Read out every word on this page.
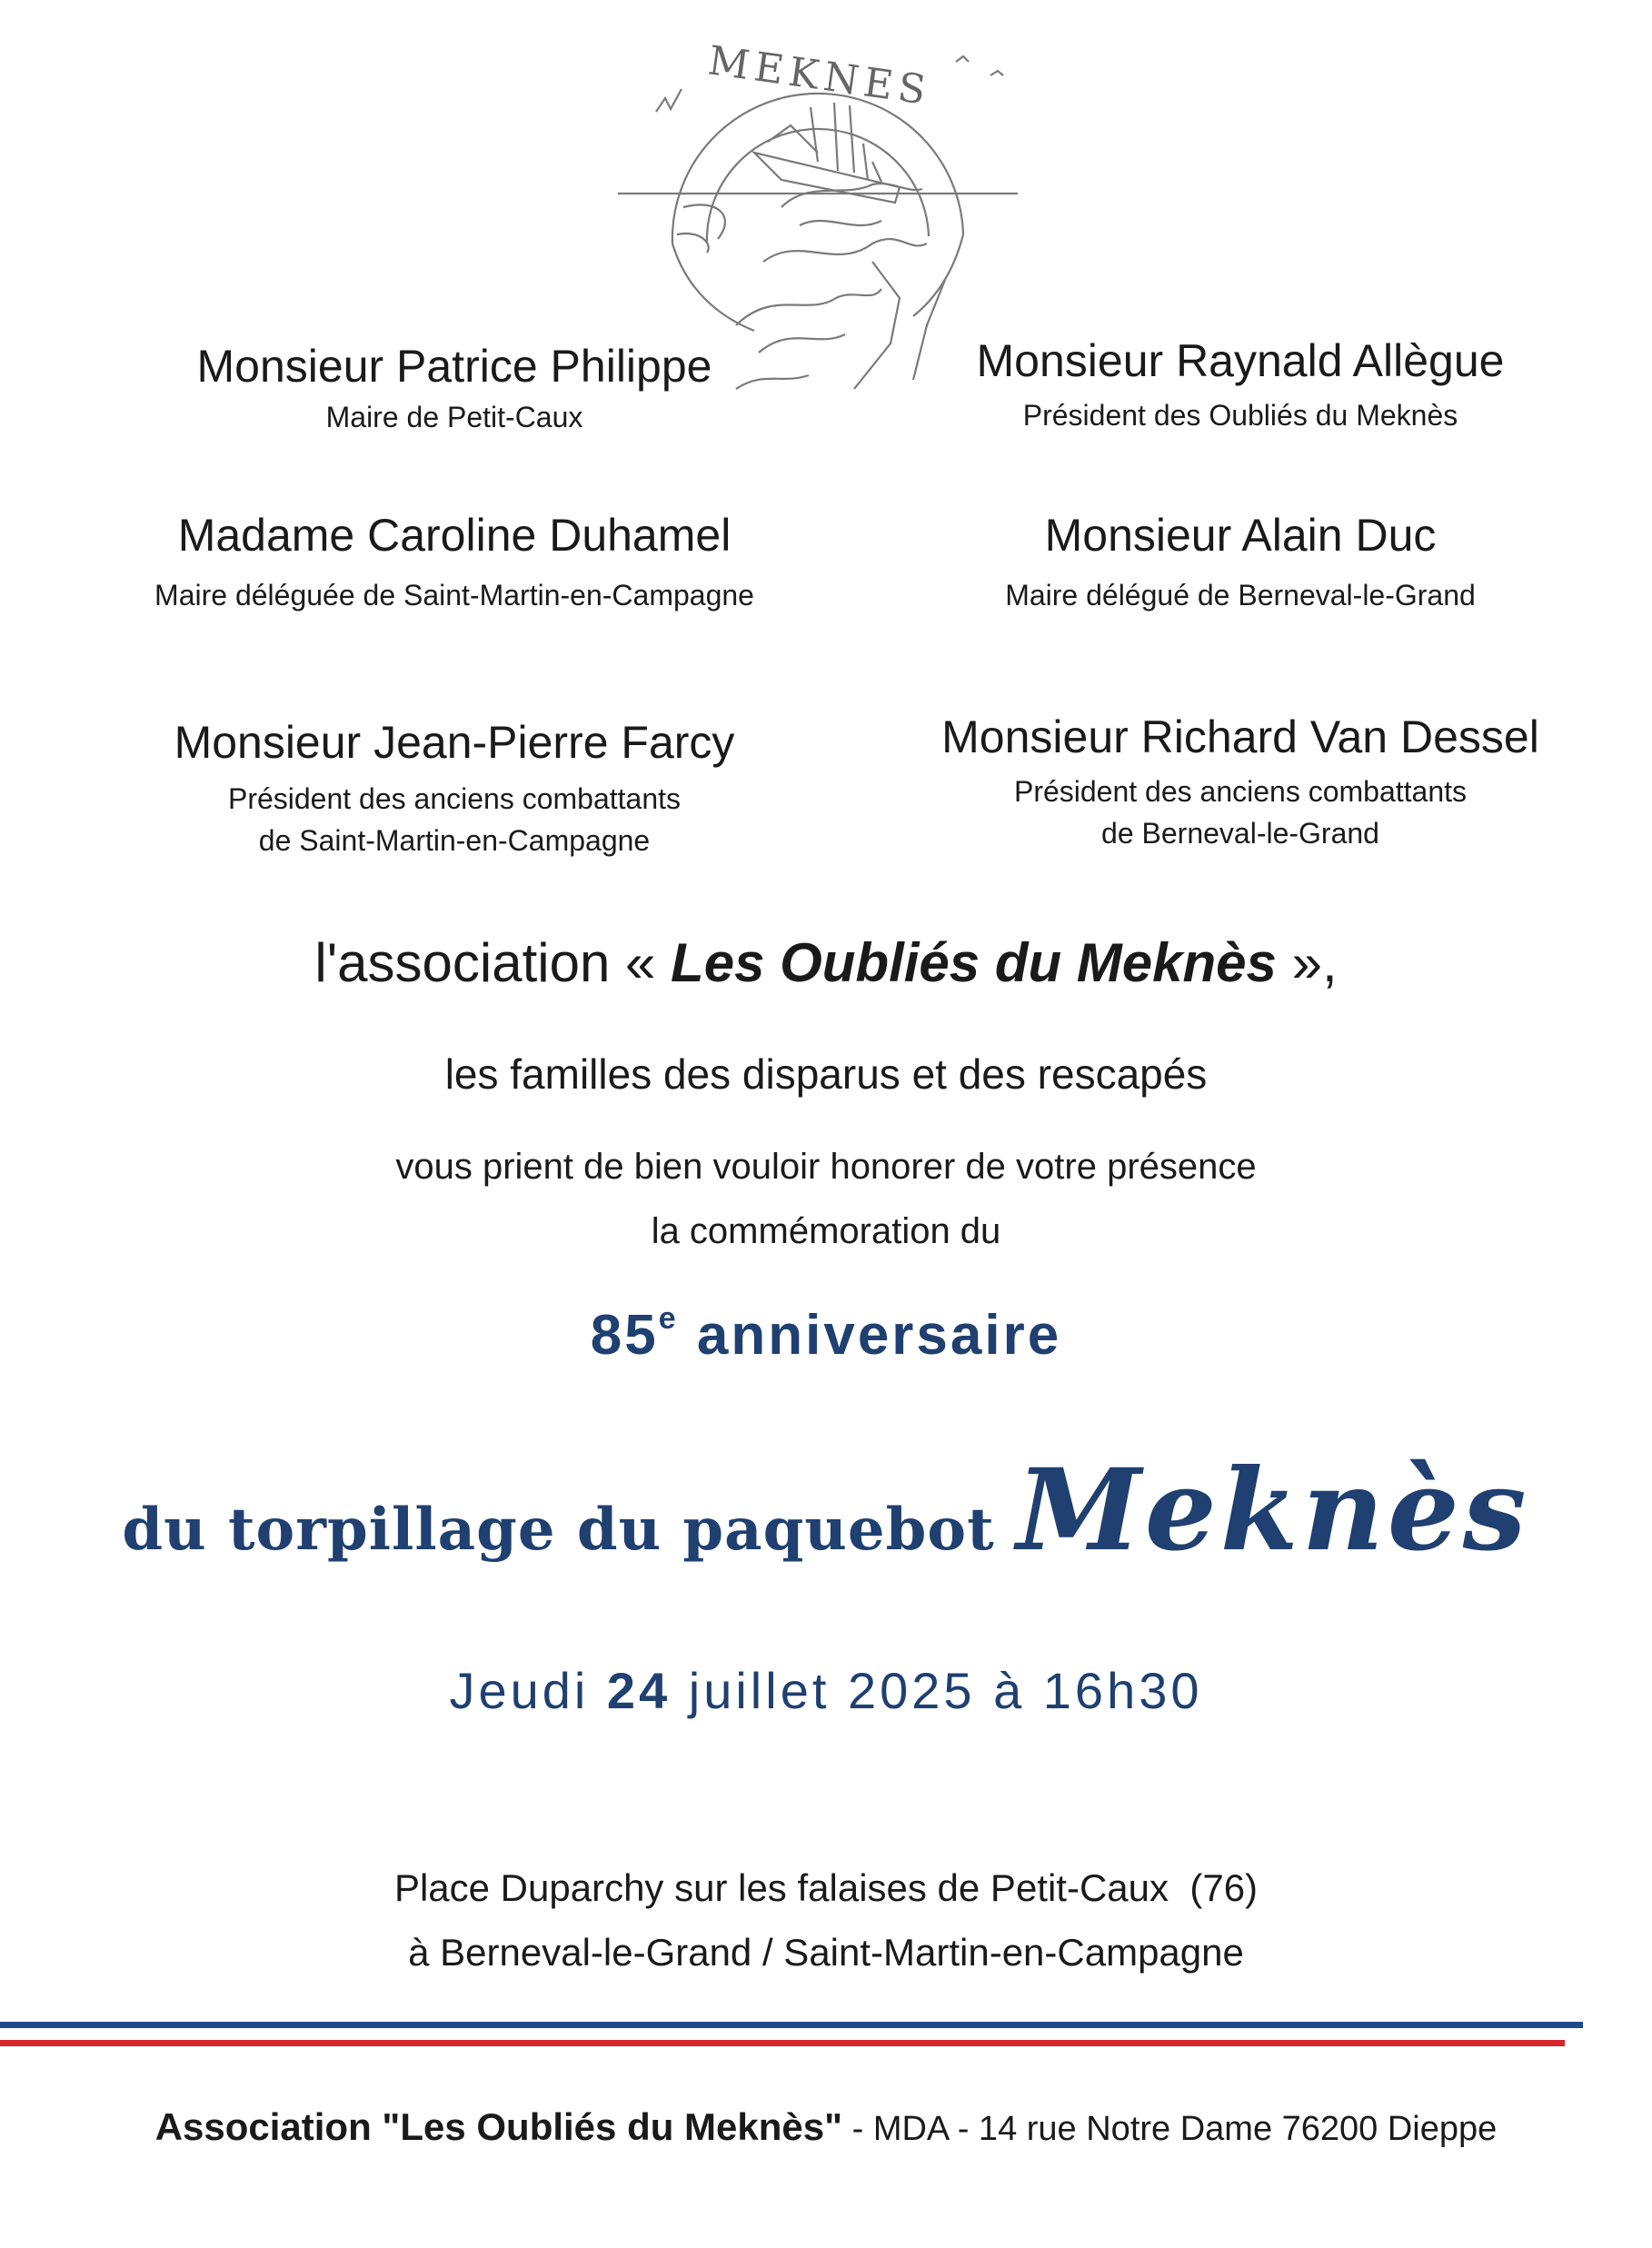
MEKNES
Monsieur Patrice Philippe
Maire de Petit-Caux
Monsieur Raynald Allègue
Président des Oubliés du Meknès
Madame Caroline Duhamel
Maire déléguée de Saint-Martin-en-Campagne
Monsieur Alain Duc
Maire délégué de Berneval-le-Grand
Monsieur Jean-Pierre Farcy
Président des anciens combattants
de Saint-Martin-en-Campagne
Monsieur Richard Van Dessel
Président des anciens combattants
de Berneval-le-Grand
l'association « Les Oubliés du Meknès »,
les familles des disparus et des rescapés
vous prient de bien vouloir honorer de votre présence
la commémoration du
85e anniversaire
du torpillage du paquebot Meknès
Jeudi 24 juillet 2025 à 16h30
Place Duparchy sur les falaises de Petit-Caux  (76)
à Berneval-le-Grand / Saint-Martin-en-Campagne
Association "Les Oubliés du Meknès" - MDA - 14 rue Notre Dame 76200 Dieppe
